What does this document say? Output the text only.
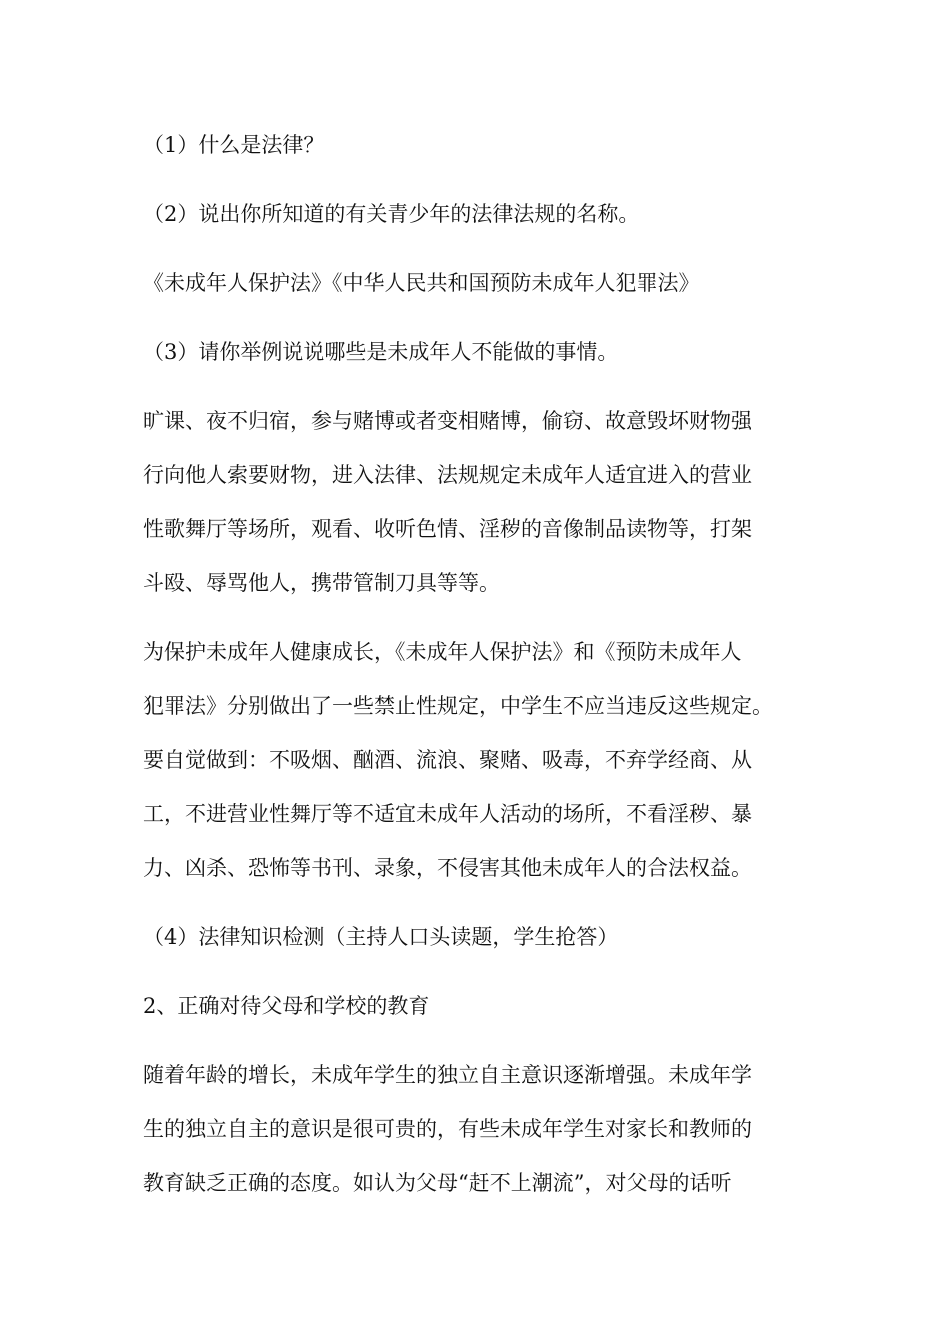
（1）什么是法律？

（2）说出你所知道的有关青少年的法律法规的名称。

《未成年人保护法》《中华人民共和国预防未成年人犯罪法》

（3）请你举例说说哪些是未成年人不能做的事情。

旷课、夜不归宿，参与赌博或者变相赌博，偷窃、故意毁坏财物强

行向他人索要财物，进入法律、法规规定未成年人适宜进入的营业

性歌舞厅等场所，观看、收听色情、淫秽的音像制品读物等，打架

斗殴、辱骂他人，携带管制刀具等等。

为保护未成年人健康成长，《未成年人保护法》和《预防未成年人

犯罪法》分别做出了一些禁止性规定，中学生不应当违反这些规定。

要自觉做到：不吸烟、酗酒、流浪、聚赌、吸毒，不弃学经商、从

工，不进营业性舞厅等不适宜未成年人活动的场所，不看淫秽、暴

力、凶杀、恐怖等书刊、录象，不侵害其他未成年人的合法权益。

（4）法律知识检测（主持人口头读题，学生抢答）

2、正确对待父母和学校的教育

随着年龄的增长，未成年学生的独立自主意识逐渐增强。未成年学

生的独立自主的意识是很可贵的，有些未成年学生对家长和教师的

教育缺乏正确的态度。如认为父母“赶不上潮流”，对父母的话听
